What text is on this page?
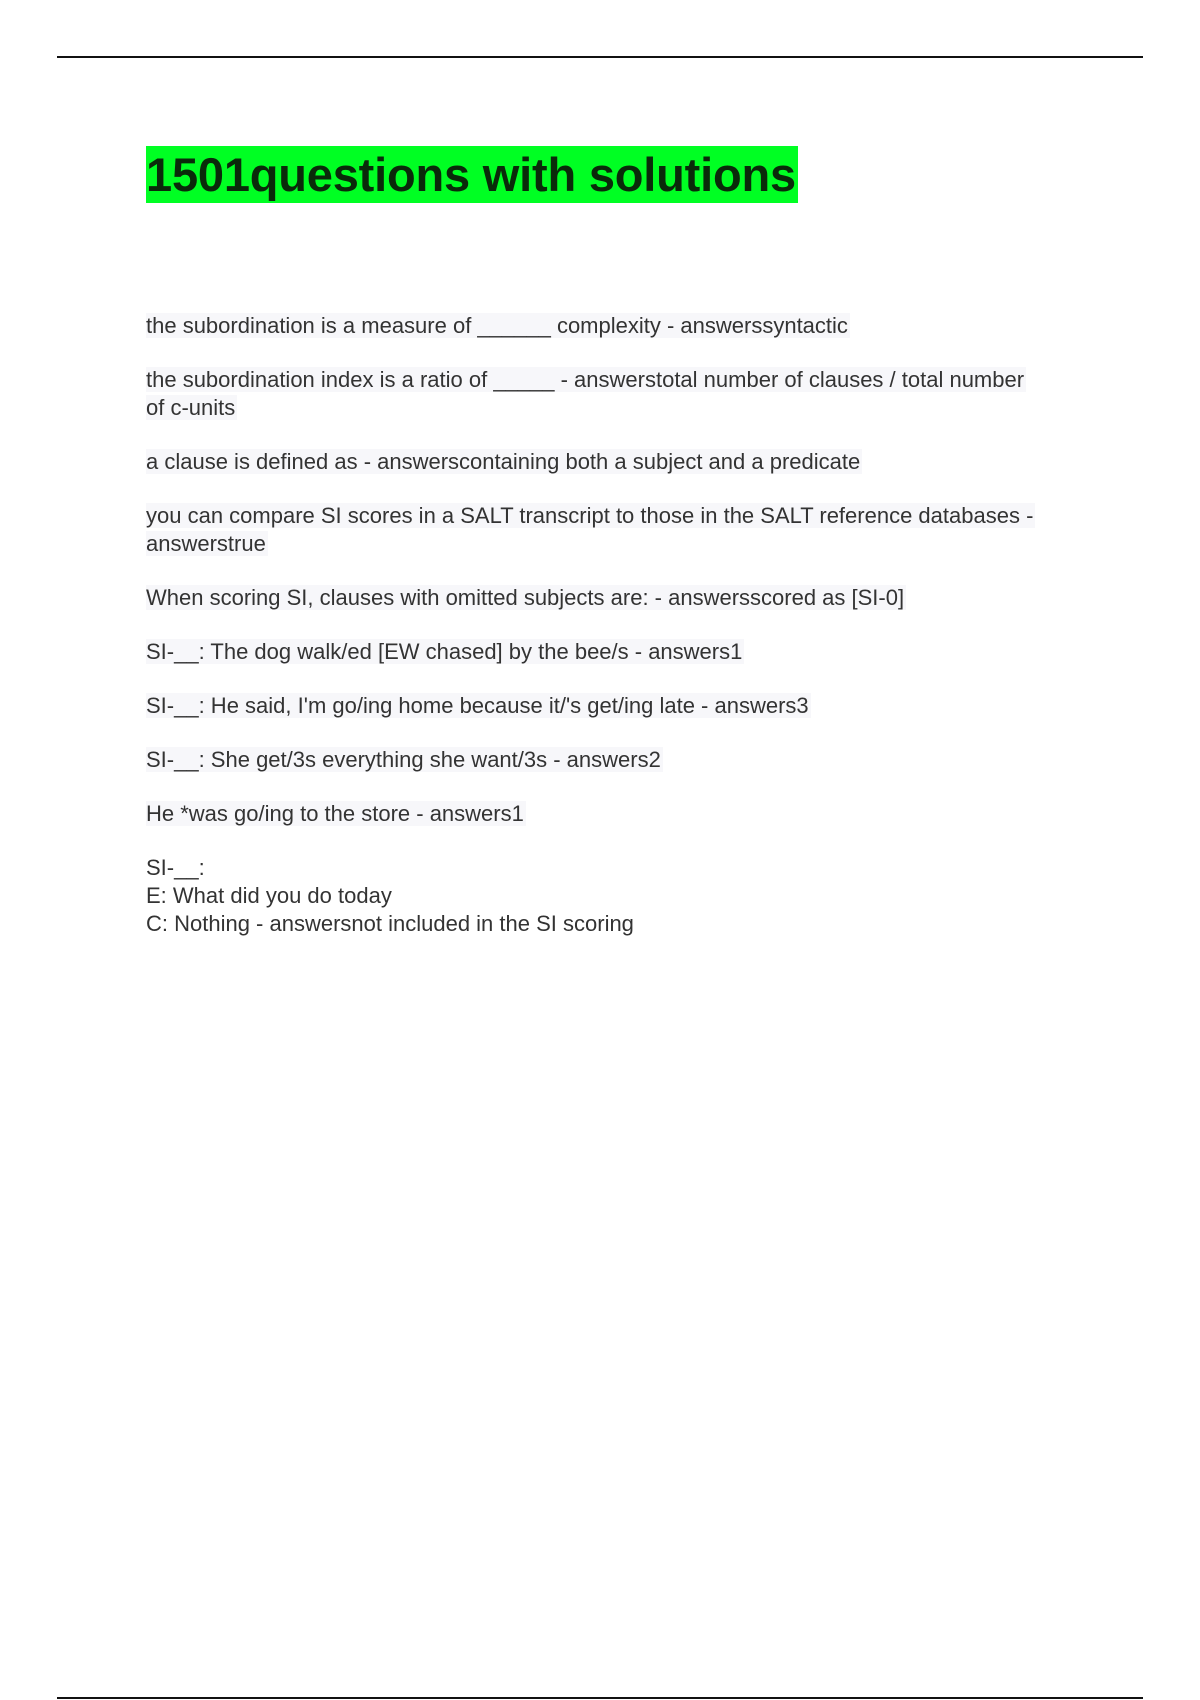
1501questions with solutions
the subordination is a measure of ______ complexity - answerssyntactic
the subordination index is a ratio of _____ - answerstotal number of clauses / total number of c-units
a clause is defined as - answerscontaining both a subject and a predicate
you can compare SI scores in a SALT transcript to those in the SALT reference databases - answerstrue
When scoring SI, clauses with omitted subjects are: - answersscored as [SI-0]
SI-__: The dog walk/ed [EW chased] by the bee/s - answers1
SI-__: He said, I'm go/ing home because it/'s get/ing late - answers3
SI-__: She get/3s everything she want/3s - answers2
He *was go/ing to the store - answers1
SI-__:
E: What did you do today
C: Nothing - answersnot included in the SI scoring
